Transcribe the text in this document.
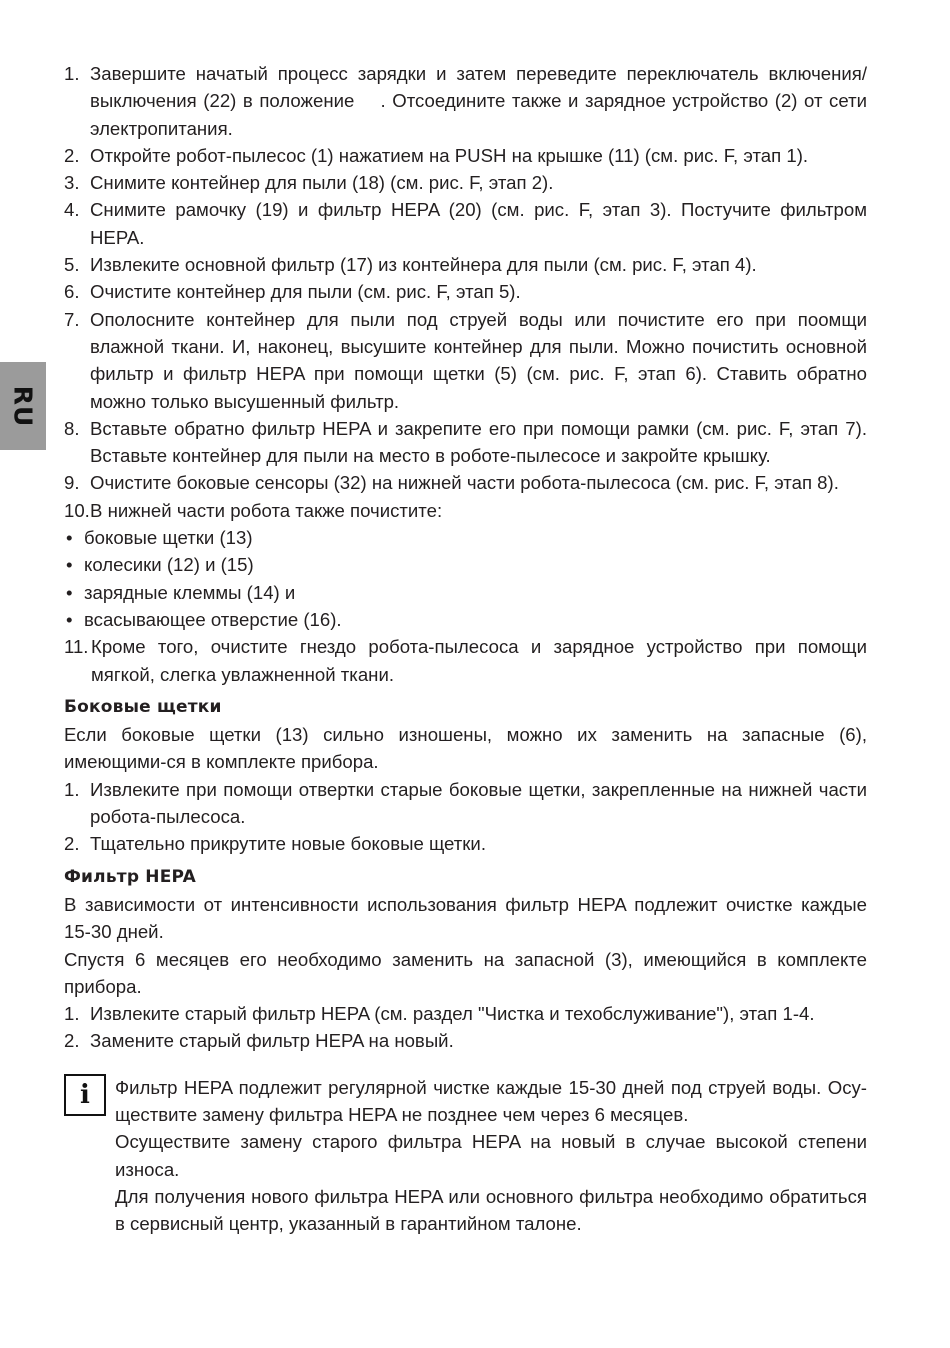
RU
1. Завершите начатый процесс зарядки и затем переведите переключатель включения/ выключения (22) в положение    . Отсоедините также и зарядное устройство (2) от сети электропитания.
2. Откройте робот-пылесос (1) нажатием на PUSH на крышке (11) (см. рис. F, этап 1).
3. Снимите контейнер для пыли (18) (см. рис. F, этап 2).
4. Снимите рамочку (19) и фильтр HEPA (20) (см. рис. F, этап 3). Постучите фильтром HEPA.
5. Извлеките основной фильтр (17) из контейнера для пыли (см. рис. F, этап 4).
6. Очистите контейнер для пыли (см. рис. F, этап 5).
7. Ополосните контейнер для пыли под струей воды или почистите его при поомщи влажной ткани. И, наконец, высушите контейнер для пыли. Можно почистить основной фильтр и фильтр HEPA при помощи щетки (5) (см. рис. F, этап 6). Ставить обратно можно только высушенный фильтр.
8. Вставьте обратно фильтр HEPA и закрепите его при помощи рамки (см. рис. F, этап 7). Вставьте контейнер для пыли на место в роботе-пылесосе и закройте крышку.
9. Очистите боковые сенсоры (32) на нижней части робота-пылесоса (см. рис. F, этап 8).
10. В нижней части робота также почистите:
• боковые щетки (13)
• колесики (12) и (15)
• зарядные клеммы (14) и
• всасывающее отверстие (16).
11. Кроме того, очистите гнездо робота-пылесоса и зарядное устройство при помощи мягкой, слегка увлажненной ткани.
Боковые щетки
Если боковые щетки (13) сильно изношены, можно их заменить на запасные (6), имеющими-ся в комплекте прибора.
1. Извлеките при помощи отвертки старые боковые щетки, закрепленные на нижней части робота-пылесоса.
2. Тщательно прикрутите новые боковые щетки.
Фильтр HEPA
В зависимости от интенсивности использования фильтр HEPA подлежит очистке каждые 15-30 дней.
Спустя 6 месяцев его необходимо заменить на запасной (3), имеющийся в комплекте прибора.
1. Извлеките старый фильтр HEPA (см. раздел "Чистка и техобслуживание"), этап 1-4.
2. Замените старый фильтр HEPA на новый.
i Фильтр HEPA подлежит регулярной чистке каждые 15-30 дней под струей воды. Осу-ществите замену фильтра HEPA не позднее чем через 6 месяцев.
Осуществите замену старого фильтра HEPA на новый в случае высокой степени износа.
Для получения нового фильтра HEPA или основного фильтра необходимо обратиться в сервисный центр, указанный в гарантийном талоне.
